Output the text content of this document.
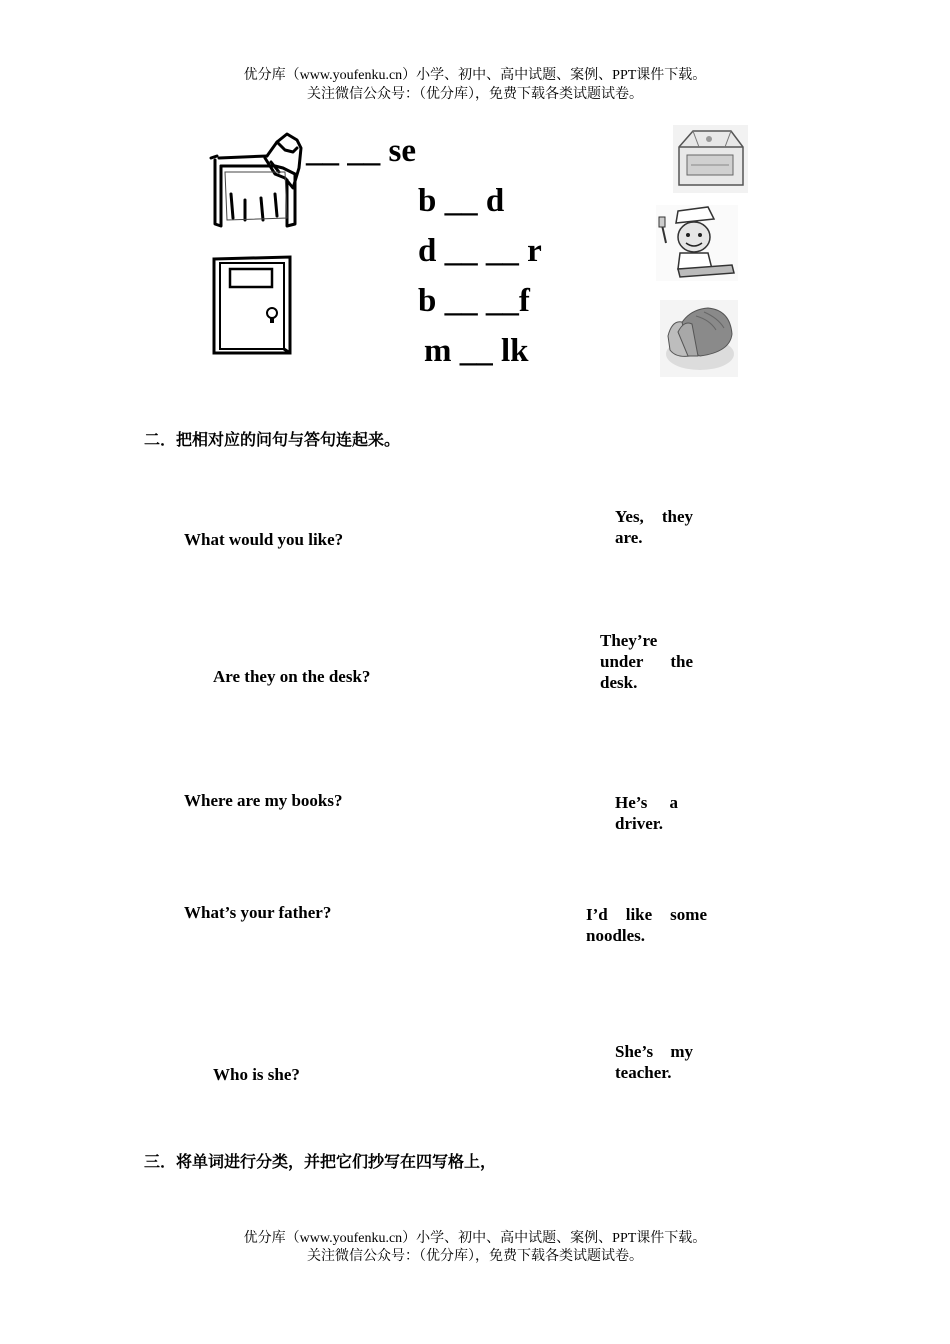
优分库（www.youfenku.cn）小学、初中、高中试题、案例、PPT课件下载。
关注微信公众号：（优分库），免费下载各类试题试卷。
__ __ se
b __ d
d __ __ r
b __ __f
m __ lk
二．把相对应的问句与答句连起来。
What would you like?
Are they on the desk?
Where are my books?
What’s your father?
Who is she?
Yes, they are.
They’re under the desk.
He’s a driver.
I’d like some noodles.
She’s my teacher.
三．将单词进行分类，并把它们抄写在四写格上，
优分库（www.youfenku.cn）小学、初中、高中试题、案例、PPT课件下载。
关注微信公众号：（优分库），免费下载各类试题试卷。
